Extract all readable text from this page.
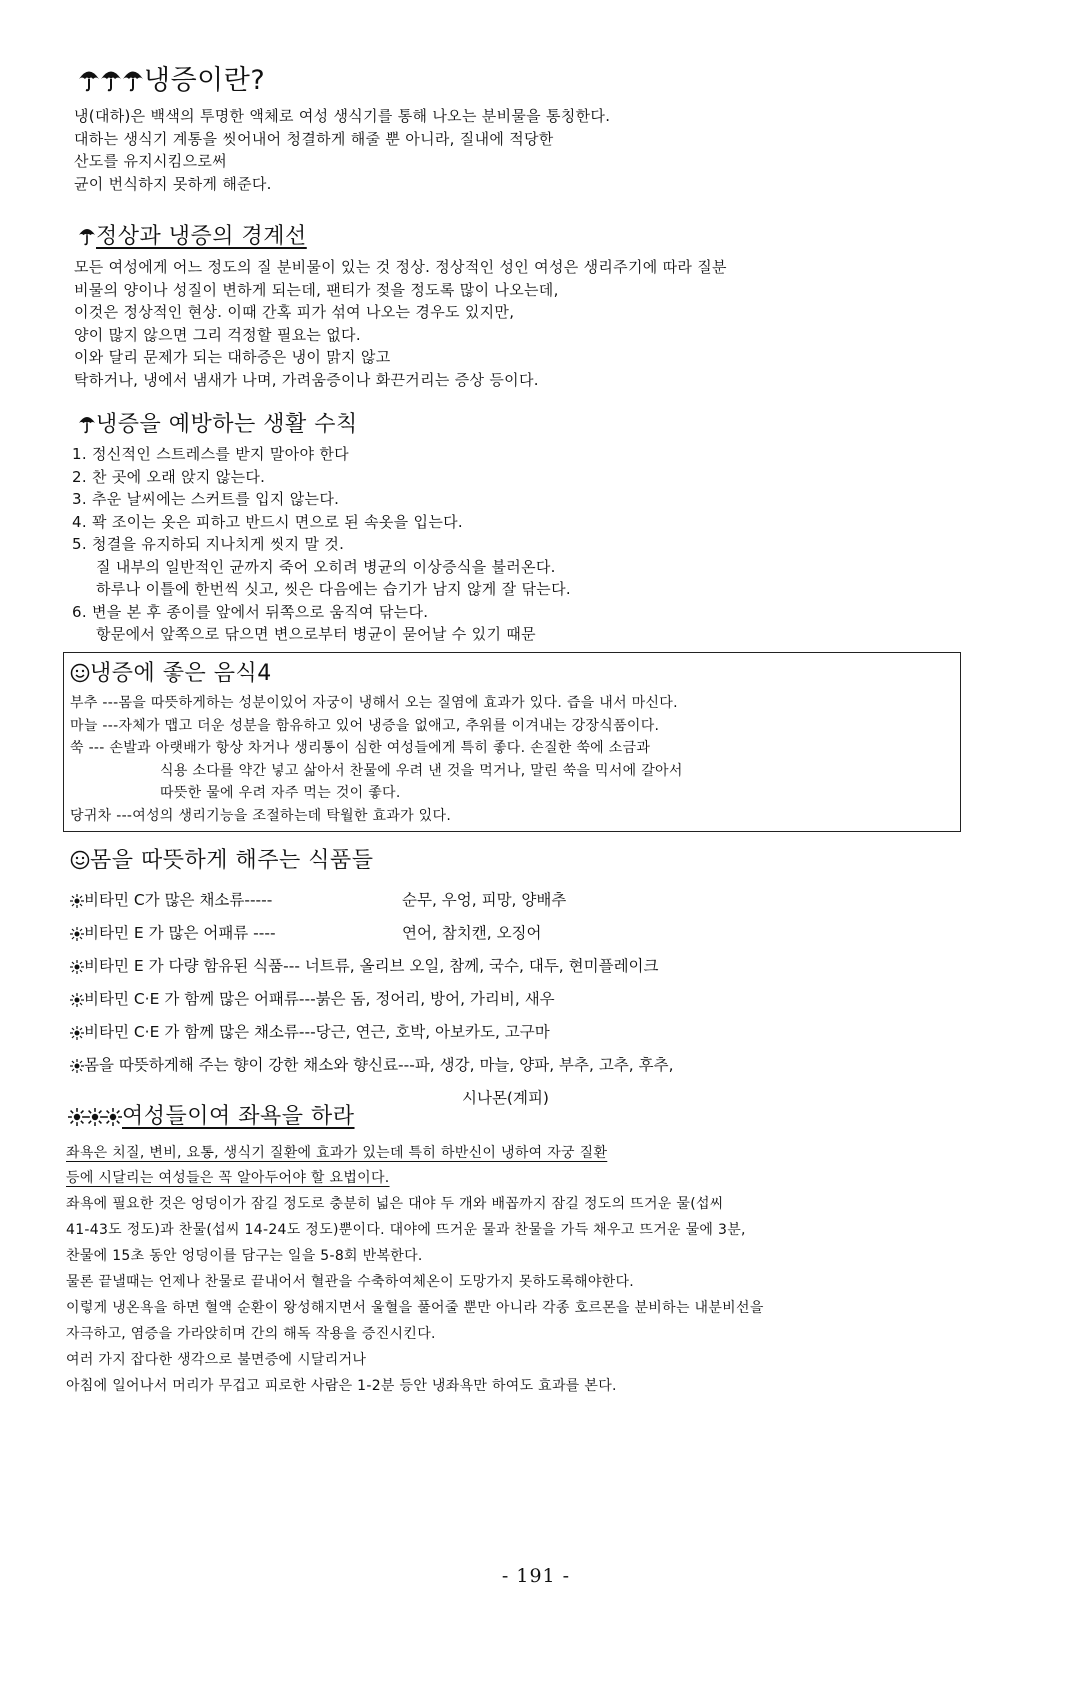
냉증이란?
냉(대하)은 백색의 투명한 액체로 여성 생식기를 통해 나오는 분비물을 통칭한다.
대하는 생식기 계통을 씻어내어 청결하게 해줄 뿐 아니라, 질내에 적당한
산도를 유지시킴으로써
균이 번식하지 못하게 해준다.
정상과 냉증의 경계선
모든 여성에게 어느 정도의 질 분비물이 있는 것 정상. 정상적인 성인 여성은 생리주기에 따라 질분
비물의 양이나 성질이 변하게 되는데, 팬티가 젖을 정도록 많이 나오는데,
이것은 정상적인 현상. 이때 간혹 피가 섞여 나오는 경우도 있지만,
양이 많지 않으면 그리 걱정할 필요는 없다.
이와 달리 문제가 되는 대하증은 냉이 맑지 않고
탁하거나, 냉에서 냄새가 나며, 가려움증이나 화끈거리는 증상 등이다.
냉증을 예방하는 생활 수칙
1. 정신적인 스트레스를 받지 말아야 한다
2. 찬 곳에 오래 앉지 않는다.
3. 추운 날씨에는 스커트를 입지 않는다.
4. 꽉 조이는 옷은 피하고 반드시 면으로 된 속옷을 입는다.
5. 청결을 유지하되 지나치게 씻지 말 것.
질 내부의 일반적인 균까지 죽어 오히려 병균의 이상증식을 불러온다.
하루나 이틀에 한번씩 싯고, 씻은 다음에는 습기가 남지 않게 잘 닦는다.
6. 변을 본 후 종이를 앞에서 뒤쪽으로 움직여 닦는다.
항문에서 앞쪽으로 닦으면 변으로부터 병균이 묻어날 수 있기 때문
냉증에 좋은 음식4
부추 ---몸을 따뜻하게하는 성분이있어 자궁이 냉해서 오는 질염에 효과가 있다. 즙을 내서 마신다.
마늘 ---자체가 맵고 더운 성분을 함유하고 있어 냉증을 없애고, 추위를 이겨내는 강장식품이다.
쑥 --- 손발과 아랫배가 항상 차거나 생리통이 심한 여성들에게 특히 좋다. 손질한 쑥에 소금과
식용 소다를 약간 넣고 삶아서 찬물에 우려 낸 것을 먹거나, 말린 쑥을 믹서에 갈아서
따뜻한 물에 우려 자주 먹는 것이 좋다.
당귀차 ---여성의 생리기능을 조절하는데 탁월한 효과가 있다.
몸을 따뜻하게 해주는 식품들
비타민 C가 많은 채소류-----	순무, 우엉, 피망, 양배추
비타민 E 가 많은 어패류 ----	연어, 참치캔, 오징어
비타민 E 가 다량 함유된 식품--- 너트류, 올리브 오일, 참께, 국수, 대두, 현미플레이크
비타민 C·E 가 함께 많은 어패류---붉은 돔, 정어리, 방어, 가리비, 새우
비타민 C·E 가 함께 많은 채소류---당근, 연근, 호박, 아보카도, 고구마
몸을 따뜻하게해 주는 향이 강한 채소와 향신료---파, 생강, 마늘, 양파, 부추, 고추, 후추,
시나몬(계피)
여성들이여 좌욕을 하라
좌욕은 치질, 변비, 요통, 생식기 질환에 효과가 있는데 특히 하반신이 냉하여 자궁 질환
등에 시달리는 여성들은 꼭 알아두어야 할 요법이다.
좌욕에 필요한 것은 엉덩이가 잠길 정도로 충분히 넓은 대야 두 개와 배꼽까지 잠길 정도의 뜨거운 물(섭씨
41-43도 정도)과 찬물(섭씨 14-24도 정도)뿐이다. 대야에 뜨거운 물과 찬물을 가득 채우고 뜨거운 물에 3분,
찬물에 15초 동안 엉덩이를 담구는 일을 5-8회 반복한다.
물론 끝낼때는 언제나 찬물로 끝내어서 혈관을 수축하여체온이 도망가지 못하도록해야한다.
이렇게 냉온욕을 하면 혈액 순환이 왕성해지면서 울혈을 풀어줄 뿐만 아니라 각종 호르몬을 분비하는 내분비선을
자극하고, 염증을 가라앉히며 간의 해독 작용을 증진시킨다.
여러 가지 잡다한 생각으로 불면증에 시달리거나
아침에 일어나서 머리가 무겁고 피로한 사람은 1-2분 등안 냉좌욕만 하여도 효과를 본다.
- 191 -
